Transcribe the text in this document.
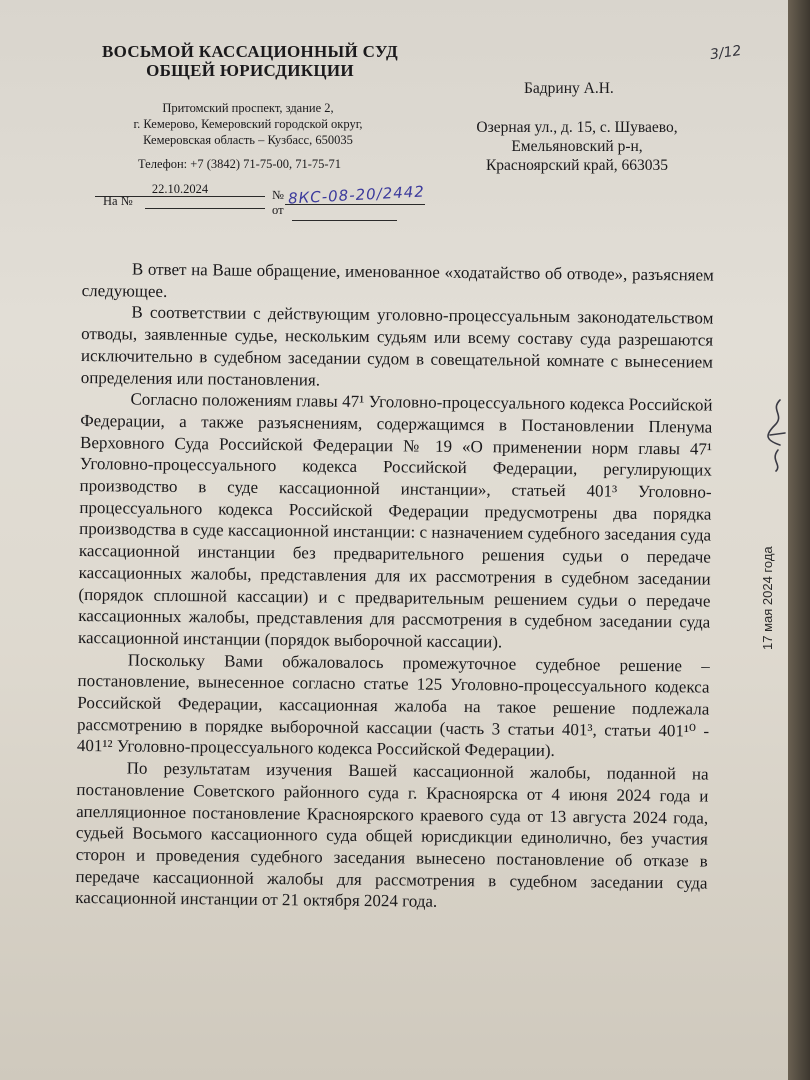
ВОСЬМОЙ КАССАЦИОННЫЙ СУД
ОБЩЕЙ ЮРИСДИКЦИИ
Притомский проспект, здание 2,
г. Кемерово, Кемеровский городской округ,
Кемеровская область – Кузбасс, 650035
Телефон: +7 (3842) 71-75-00, 71-75-71
22.10.2024
На №	№ 8КС-08-20/2442
от
3/12
Бадрину А.Н.
Озерная ул., д. 15, с. Шуваево,
Емельяновский р-н,
Красноярский край, 663035

В ответ на Ваше обращение, именованное «ходатайство об отводе», разъясняем следующее.

В соответствии с действующим уголовно-процессуальным законодательством отводы, заявленные судье, нескольким судьям или всему составу суда разрешаются исключительно в судебном заседании судом в совещательной комнате с вынесением определения или постановления.

Согласно положениям главы 47¹ Уголовно-процессуального кодекса Российской Федерации, а также разъяснениям, содержащимся в Постановлении Пленума Верховного Суда Российской Федерации № 19 «О применении норм главы 47¹ Уголовно-процессуального кодекса Российской Федерации, регулирующих производство в суде кассационной инстанции», статьей 401³ Уголовно-процессуального кодекса Российской Федерации предусмотрены два порядка производства в суде кассационной инстанции: с назначением судебного заседания суда кассационной инстанции без предварительного решения судьи о передаче кассационных жалобы, представления для их рассмотрения в судебном заседании (порядок сплошной кассации) и с предварительным решением судьи о передаче кассационных жалобы, представления для рассмотрения в судебном заседании суда кассационной инстанции (порядок выборочной кассации).

Поскольку Вами обжаловалось промежуточное судебное решение – постановление, вынесенное согласно статье 125 Уголовно-процессуального кодекса Российской Федерации, кассационная жалоба на такое решение подлежала рассмотрению в порядке выборочной кассации (часть 3 статьи 401³, статьи 401¹⁰ - 401¹² Уголовно-процессуального кодекса Российской Федерации).

По результатам изучения Вашей кассационной жалобы, поданной на постановление Советского районного суда г. Красноярска от 4 июня 2024 года и апелляционное постановление Красноярского краевого суда от 13 августа 2024 года, судьей Восьмого кассационного суда общей юрисдикции единолично, без участия сторон и проведения судебного заседания вынесено постановление об отказе в передаче кассационной жалобы для рассмотрения в судебном заседании суда кассационной инстанции от 21 октября 2024 года.

17 мая 2024 года
